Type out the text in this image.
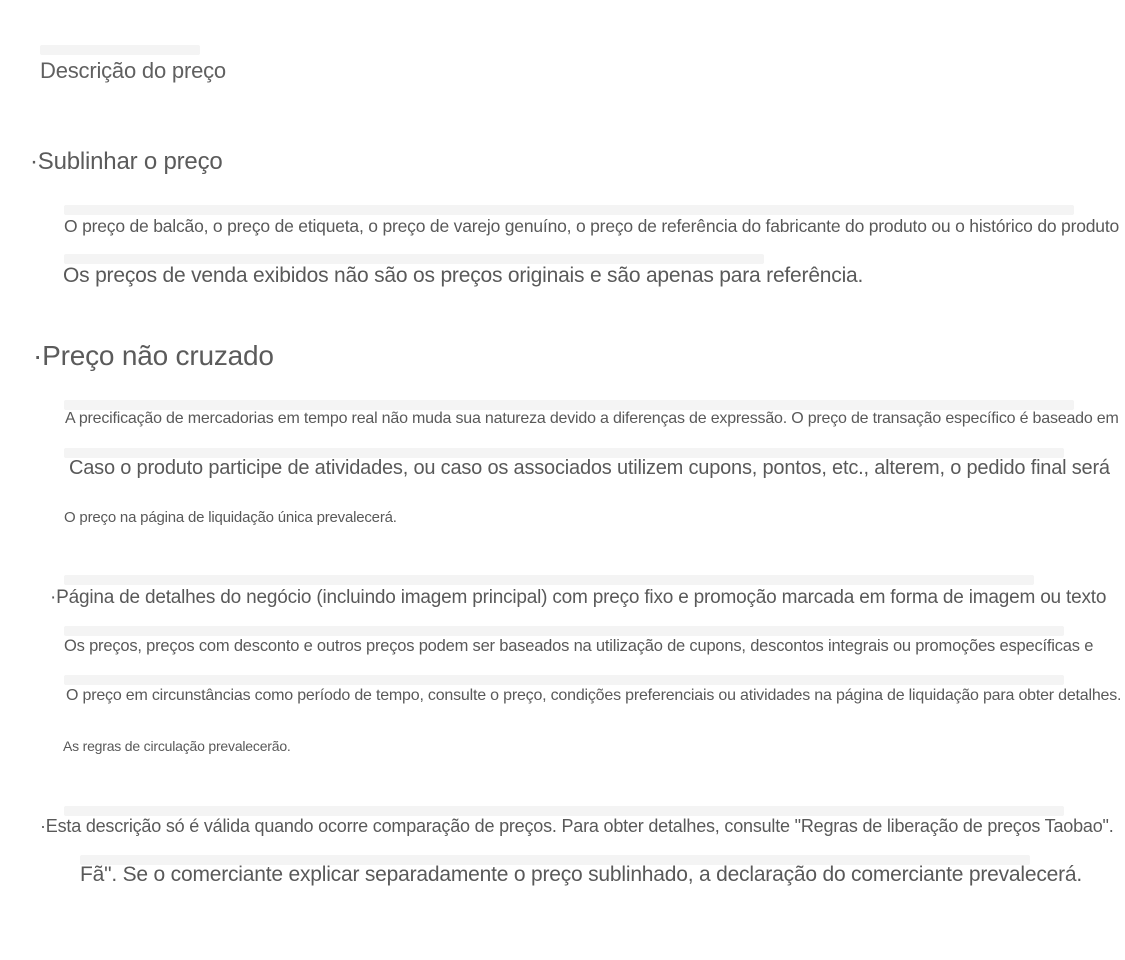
Descrição do preço
·Sublinhar o preço
O preço de balcão, o preço de etiqueta, o preço de varejo genuíno, o preço de referência do fabricante do produto ou o histórico do produto
Os preços de venda exibidos não são os preços originais e são apenas para referência.
·Preço não cruzado
A precificação de mercadorias em tempo real não muda sua natureza devido a diferenças de expressão. O preço de transação específico é baseado em
Caso o produto participe de atividades, ou caso os associados utilizem cupons, pontos, etc., alterem, o pedido final será
O preço na página de liquidação única prevalecerá.
·Página de detalhes do negócio (incluindo imagem principal) com preço fixo e promoção marcada em forma de imagem ou texto
Os preços, preços com desconto e outros preços podem ser baseados na utilização de cupons, descontos integrais ou promoções específicas e
O preço em circunstâncias como período de tempo, consulte o preço, condições preferenciais ou atividades na página de liquidação para obter detalhes.
As regras de circulação prevalecerão.
·Esta descrição só é válida quando ocorre comparação de preços. Para obter detalhes, consulte "Regras de liberação de preços Taobao".
Fã". Se o comerciante explicar separadamente o preço sublinhado, a declaração do comerciante prevalecerá.
